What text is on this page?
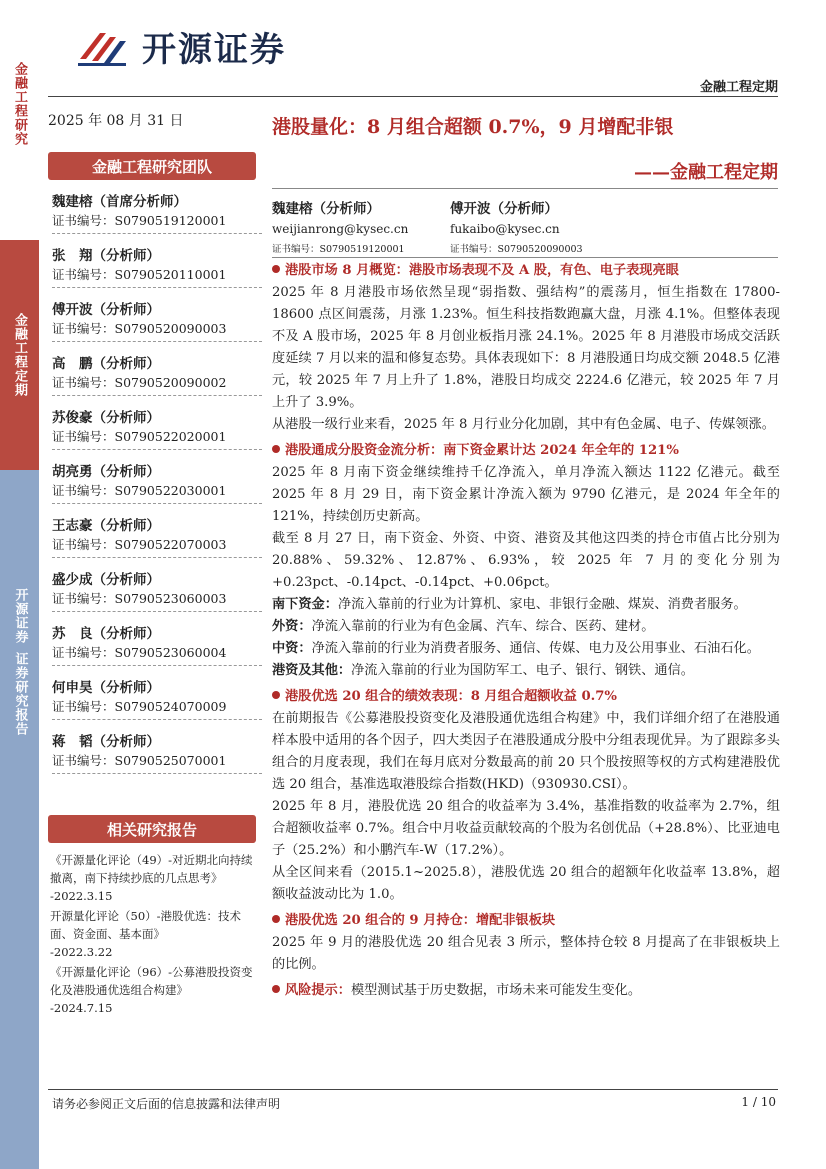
金融工程研究
金融工程定期
开源证券
证券研究报告
开源证券
金融工程定期
2025 年 08 月 31 日	港股量化：8 月组合超额 0.7%，9 月增配非银
——金融工程定期
金融工程研究团队
魏建榕（首席分析师）
证书编号：S0790519120001
张　翔（分析师）
证书编号：S0790520110001
傅开波（分析师）
证书编号：S0790520090003
高　鹏（分析师）
证书编号：S0790520090002
苏俊豪（分析师）
证书编号：S0790522020001
胡亮勇（分析师）
证书编号：S0790522030001
王志豪（分析师）
证书编号：S0790522070003
盛少成（分析师）
证书编号：S0790523060003
苏　良（分析师）
证书编号：S0790523060004
何申昊（分析师）
证书编号：S0790524070009
蒋　韬（分析师）
证书编号：S0790525070001
相关研究报告
《开源量化评论（49）-对近期北向持续撤离，南下持续抄底的几点思考》
-2022.3.15
开源量化评论（50）-港股优选：技术面、资金面、基本面》
-2022.3.22
《开源量化评论（96）-公募港股投资变化及港股通优选组合构建》
-2024.7.15
魏建榕（分析师）
weijianrong@kysec.cn
证书编号：S0790519120001
傅开波（分析师）
fukaibo@kysec.cn
证书编号：S0790520090003
港股市场 8 月概览：港股市场表现不及 A 股，有色、电子表现亮眼

2025 年 8 月港股市场依然呈现“弱指数、强结构”的震荡月，恒生指数在 17800-18600 点区间震荡，月涨 1.23%。恒生科技指数跑赢大盘，月涨 4.1%。但整体表现不及 A 股市场，2025 年 8 月创业板指月涨 24.1%。2025 年 8 月港股市场成交活跃度延续 7 月以来的温和修复态势。具体表现如下：8 月港股通日均成交额 2048.5 亿港元，较 2025 年 7 月上升了 1.8%，港股日均成交 2224.6 亿港元，较 2025 年 7 月上升了 3.9%。

从港股一级行业来看，2025 年 8 月行业分化加剧，其中有色金属、电子、传媒领涨。

港股通成分股资金流分析：南下资金累计达 2024 年全年的 121%

2025 年 8 月南下资金继续维持千亿净流入，单月净流入额达 1122 亿港元。截至 2025 年 8 月 29 日，南下资金累计净流入额为 9790 亿港元，是 2024 年全年的 121%，持续创历史新高。

截至 8 月 27 日，南下资金、外资、中资、港资及其他这四类的持仓市值占比分别为 20.88%、59.32%、12.87%、6.93%，较 2025 年 7 月的变化分别为+0.23pct、-0.14pct、-0.14pct、+0.06pct。

南下资金：净流入靠前的行业为计算机、家电、非银行金融、煤炭、消费者服务。

外资：净流入靠前的行业为有色金属、汽车、综合、医药、建材。

中资：净流入靠前的行业为消费者服务、通信、传媒、电力及公用事业、石油石化。

港资及其他：净流入靠前的行业为国防军工、电子、银行、钢铁、通信。

港股优选 20 组合的绩效表现：8 月组合超额收益 0.7%

在前期报告《公募港股投资变化及港股通优选组合构建》中，我们详细介绍了在港股通样本股中适用的各个因子，四大类因子在港股通成分股中分组表现优异。为了跟踪多头组合的月度表现，我们在每月底对分数最高的前 20 只个股按照等权的方式构建港股优选 20 组合，基准选取港股综合指数(HKD)（930930.CSI）。

2025 年 8 月，港股优选 20 组合的收益率为 3.4%，基准指数的收益率为 2.7%，组合超额收益率 0.7%。组合中月收益贡献较高的个股为名创优品（+28.8%）、比亚迪电子（25.2%）和小鹏汽车-W（17.2%）。

从全区间来看（2015.1~2025.8），港股优选 20 组合的超额年化收益率 13.8%，超额收益波动比为 1.0。

港股优选 20 组合的 9 月持仓：增配非银板块

2025 年 9 月的港股优选 20 组合见表 3 所示，整体持仓较 8 月提高了在非银板块上的比例。

风险提示：模型测试基于历史数据，市场未来可能发生变化。

请务必参阅正文后面的信息披露和法律声明	1 / 10
